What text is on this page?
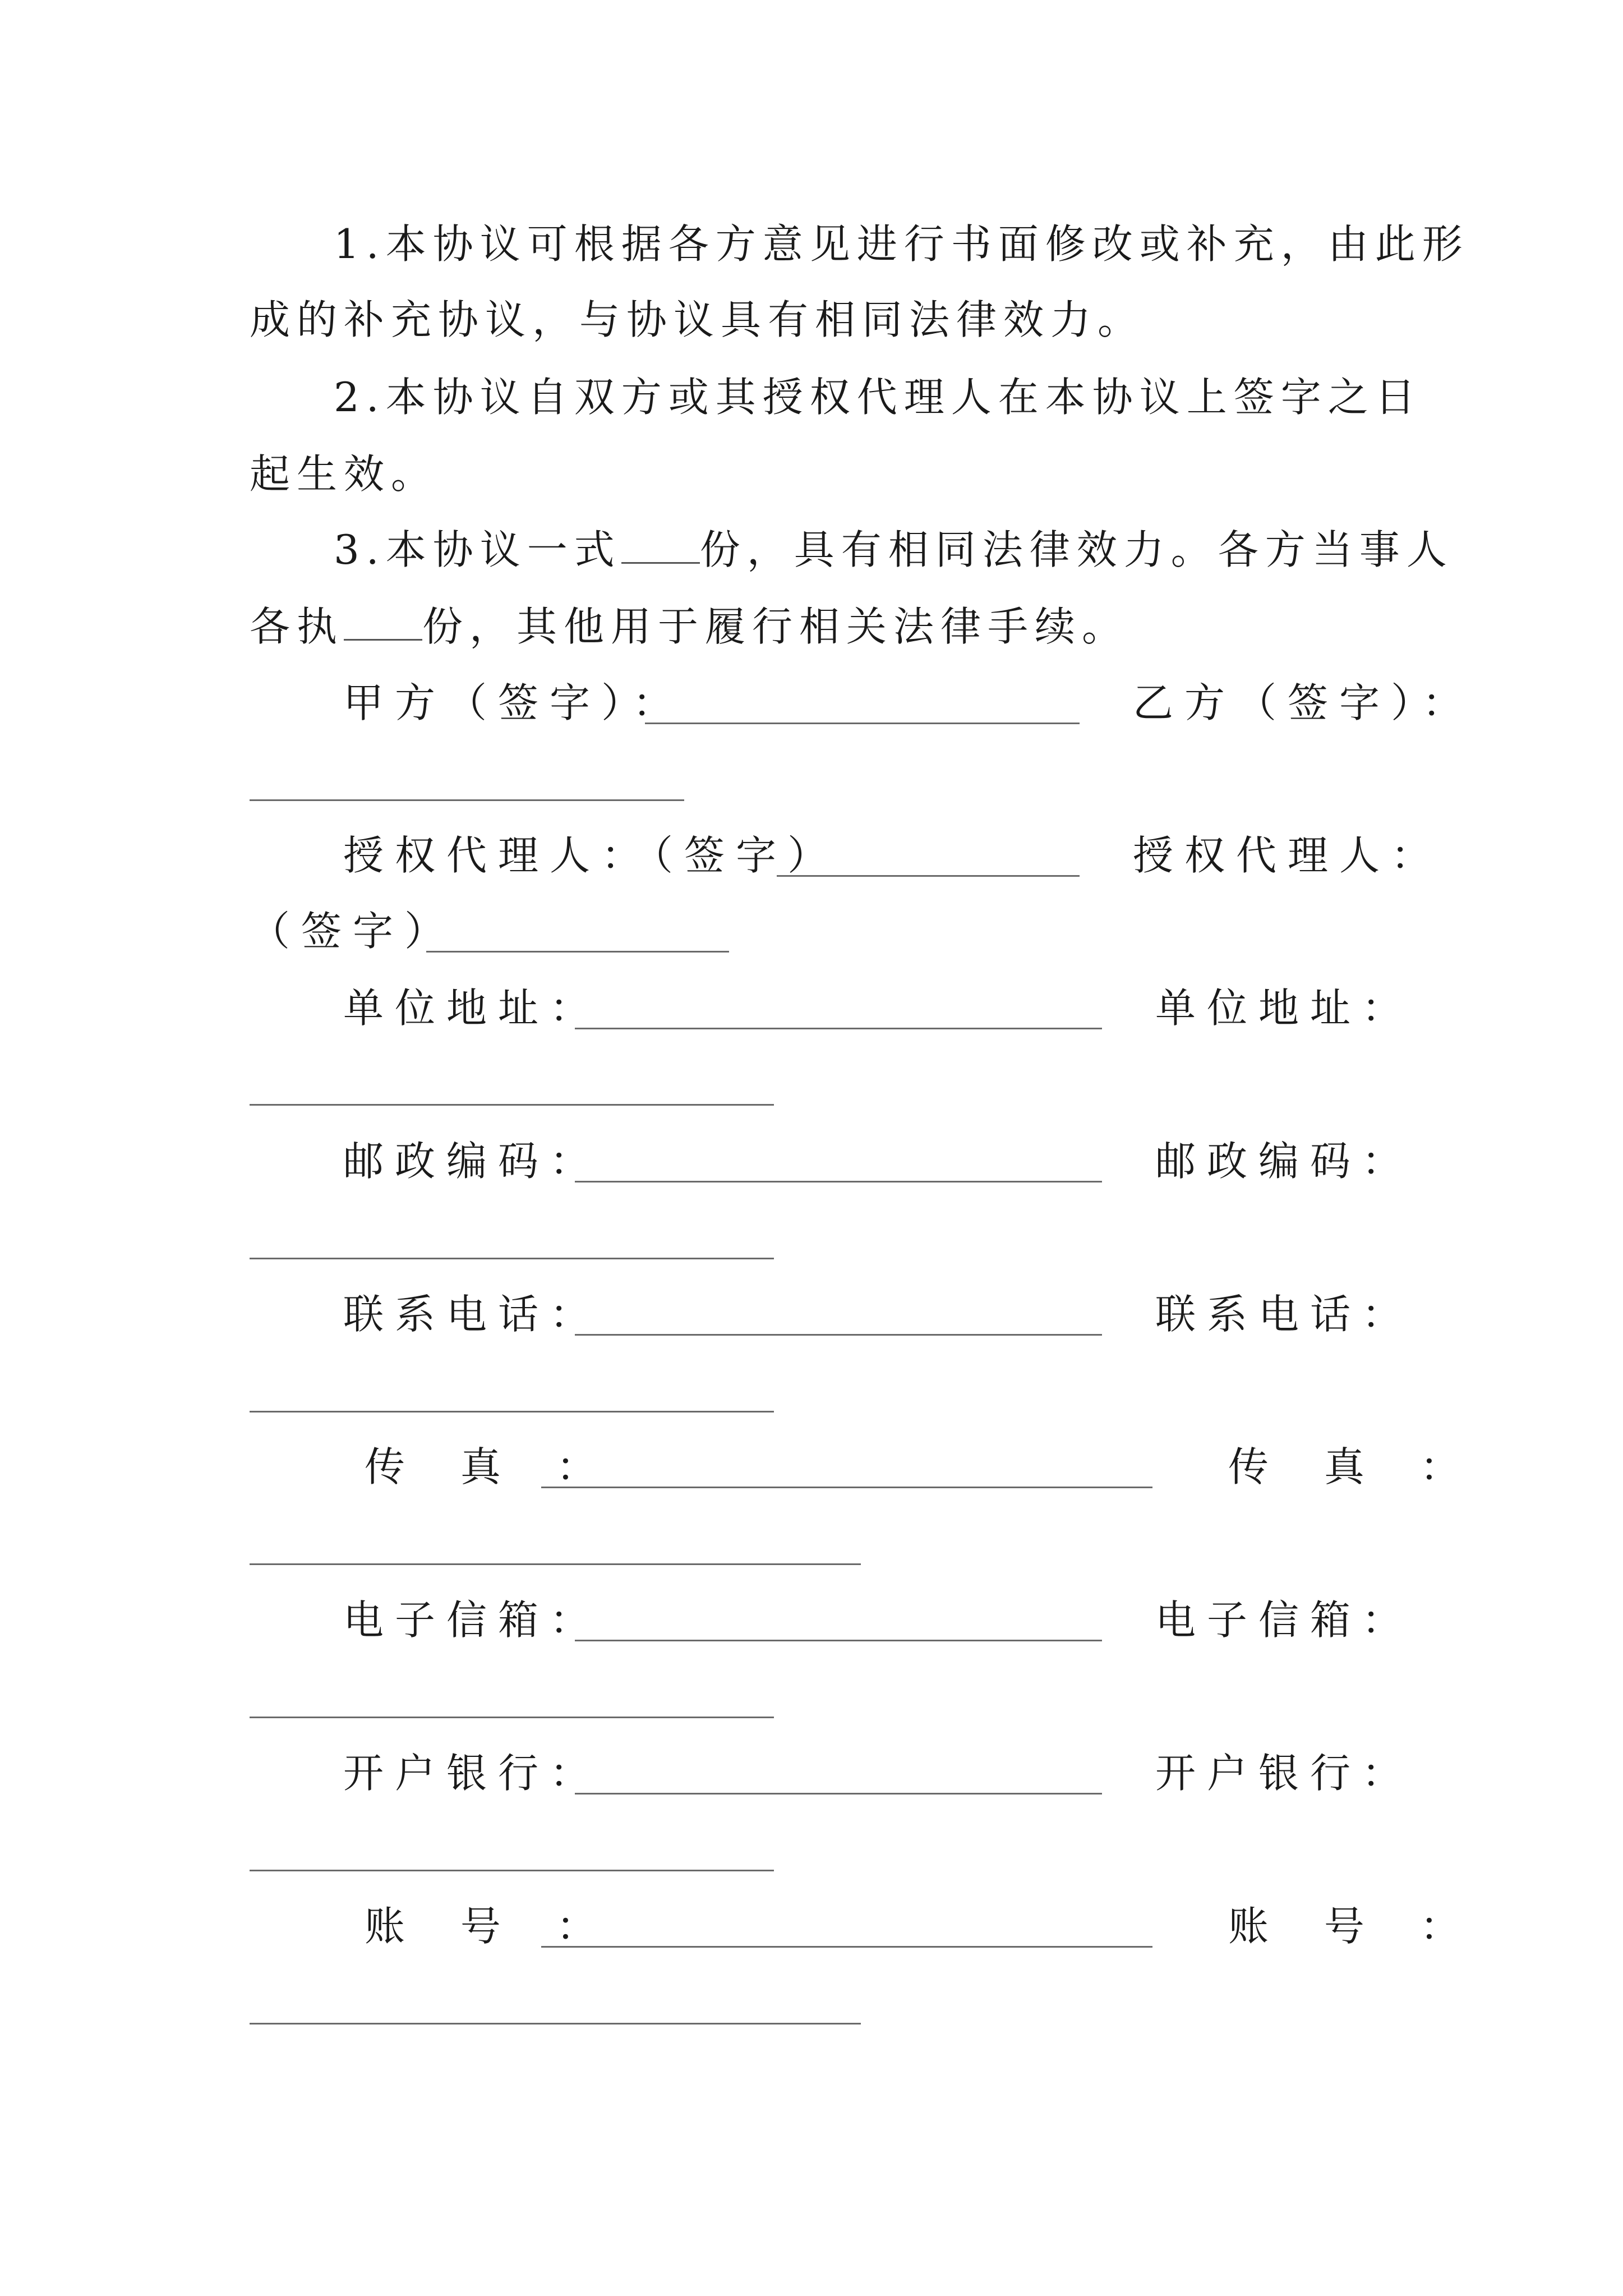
1.本协议可根据各方意见进行书面修改或补充，由此形
成的补充协议，与协议具有相同法律效力。
2.本协议自双方或其授权代理人在本协议上签字之日
起生效。
3.本协议一式 份，具有相同法律效力。各方当事人
各执 份，其他用于履行相关法律手续。
甲方（签字）：	乙方（签字）：
授权代理人：（签字）	授权代理人：
（签字）
单位地址：	单位地址：
邮政编码：	邮政编码：
联系电话：	联系电话：
传 真 ：	传 真 ：
电子信箱：	电子信箱：
开户银行：	开户银行：
账 号 ：	账 号 ：
